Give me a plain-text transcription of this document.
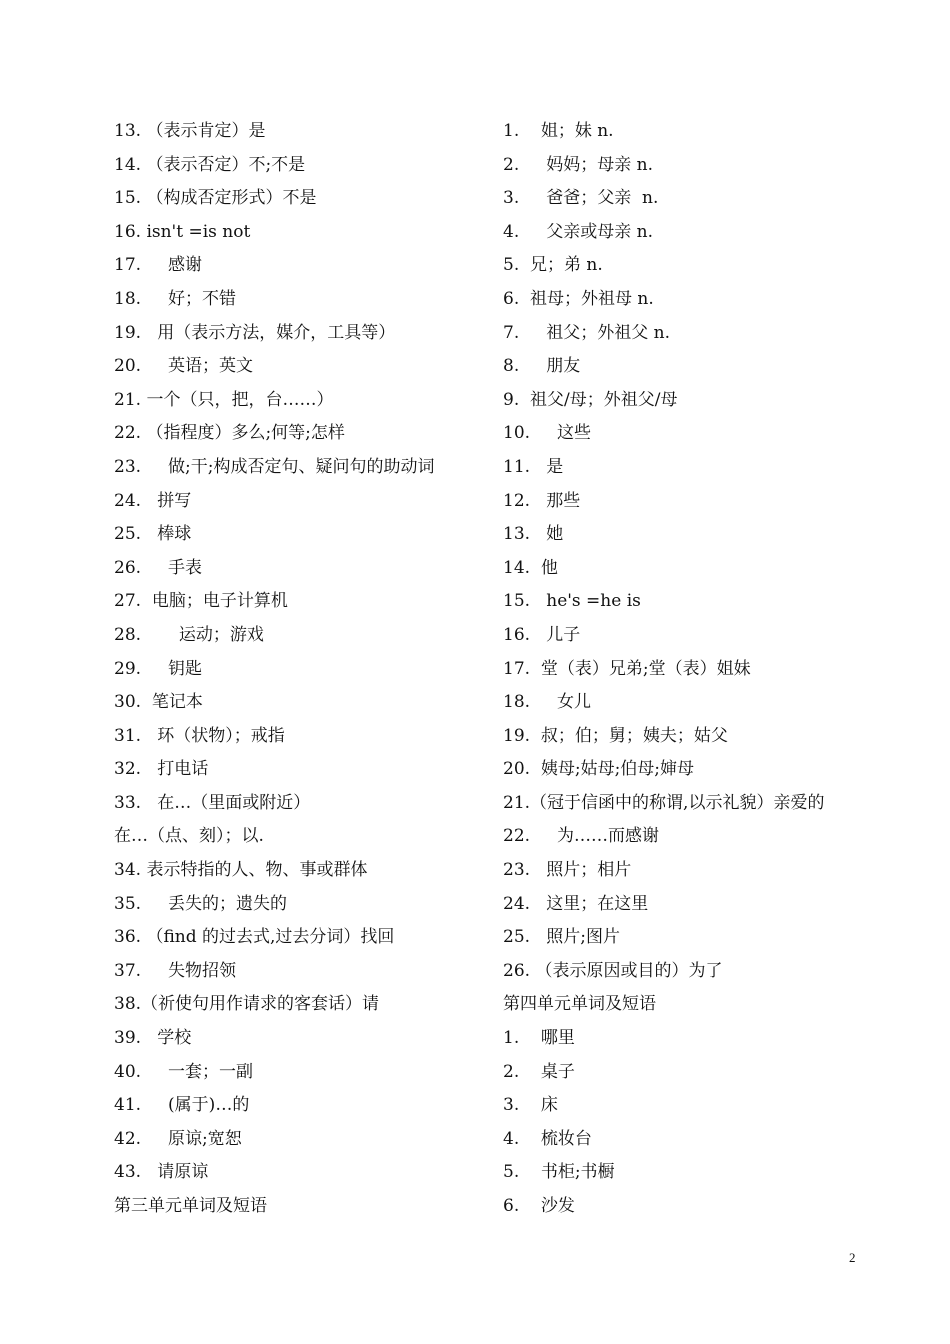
13. （表示肯定）是
14. （表示否定）不;不是
15. （构成否定形式）不是
16. isn't =is not
17.     感谢
18.     好；不错
19.   用（表示方法，媒介，工具等）
20.     英语；英文
21. 一个（只，把，台……）
22. （指程度）多么;何等;怎样
23.     做;干;构成否定句、疑问句的助动词
24.   拼写
25.   棒球
26.     手表
27.  电脑；电子计算机
28.       运动；游戏
29.     钥匙
30.  笔记本
31.   环（状物）；戒指
32.   打电话
33.   在…（里面或附近）
在…（点、刻）；以.
34. 表示特指的人、物、事或群体
35.     丢失的；遗失的
36. （find 的过去式,过去分词）找回
37.     失物招领
38.（祈使句用作请求的客套话）请
39.   学校
40.     一套；一副
41.     (属于)…的
42.     原谅;宽恕
43.   请原谅
第三单元单词及短语
1.    姐；妹 n.
2.     妈妈；母亲 n.
3.     爸爸；父亲  n.
4.     父亲或母亲 n.
5.  兄；弟 n.
6.  祖母；外祖母 n.
7.     祖父；外祖父 n.
8.     朋友
9.  祖父/母；外祖父/母
10.     这些
11.   是
12.   那些
13.   她
14.  他
15.   he's =he is
16.   儿子
17.  堂（表）兄弟;堂（表）姐妹
18.     女儿
19.  叔；伯；舅；姨夫；姑父
20.  姨母;姑母;伯母;婶母
21.（冠于信函中的称谓,以示礼貌）亲爱的
22.     为……而感谢
23.   照片；相片
24.   这里；在这里
25.   照片;图片
26. （表示原因或目的）为了
第四单元单词及短语
1.    哪里
2.    桌子
3.    床
4.    梳妆台
5.    书柜;书橱
6.    沙发
2
